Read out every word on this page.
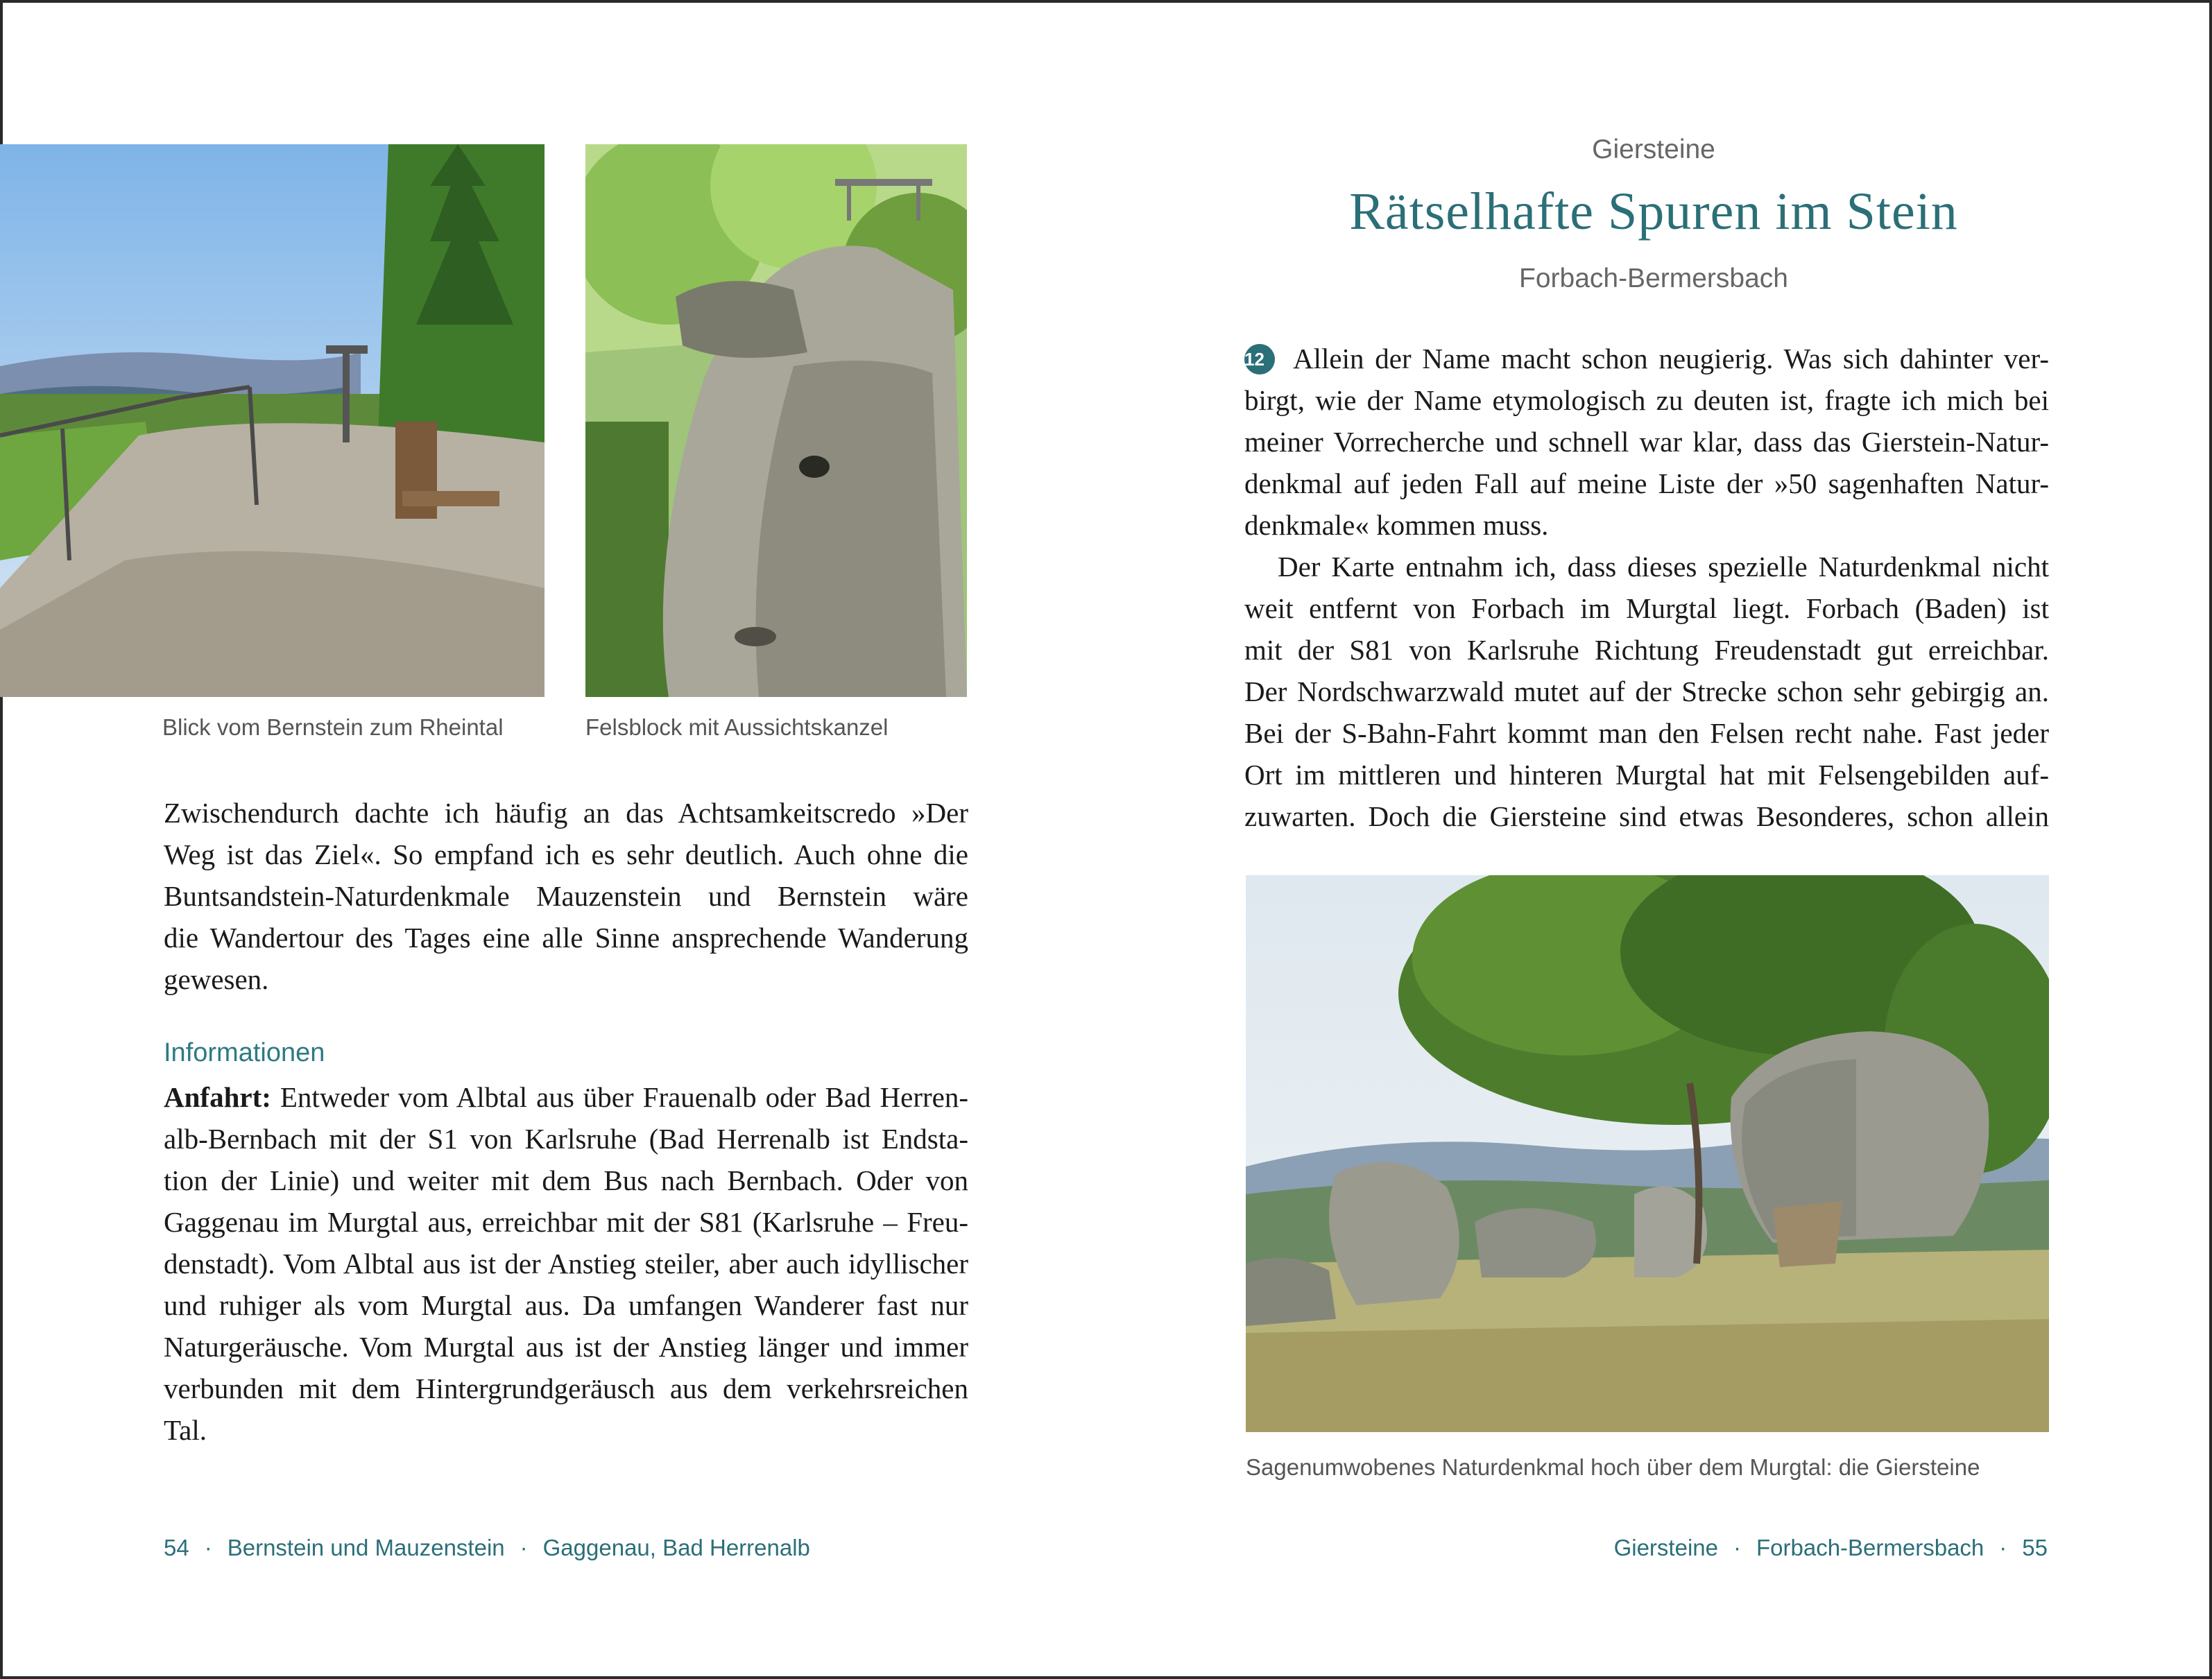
Blick vom Bernstein zum Rheintal	Felsblock mit Aussichtskanzel

Zwischendurch dachte ich häufig an das Achtsamkeitscredo »Der

Weg ist das Ziel«. So empfand ich es sehr deutlich. Auch ohne die

Buntsandstein-Naturdenkmale Mauzenstein und Bernstein wäre

die Wandertour des Tages eine alle Sinne ansprechende Wanderung

gewesen.

Informationen

Anfahrt: Entweder vom Albtal aus über Frauenalb oder Bad Herren-

alb-Bernbach mit der S1 von Karlsruhe (Bad Herrenalb ist Endsta-

tion der Linie) und weiter mit dem Bus nach Bernbach. Oder von

Gaggenau im Murgtal aus, erreichbar mit der S81 (Karlsruhe – Freu-

denstadt). Vom Albtal aus ist der Anstieg steiler, aber auch idyllischer

und ruhiger als vom Murgtal aus. Da umfangen Wanderer fast nur

Naturgeräusche. Vom Murgtal aus ist der Anstieg länger und immer

verbunden mit dem Hintergrundgeräusch aus dem verkehrsreichen

Tal.

54 · Bernstein und Mauzenstein · Gaggenau, Bad Herrenalb
Giersteine
Rätselhafte Spuren im Stein
Forbach-Bermersbach

12 Allein der Name macht schon neugierig. Was sich dahinter ver-

birgt, wie der Name etymologisch zu deuten ist, fragte ich mich bei

meiner Vorrecherche und schnell war klar, dass das Gierstein-Natur-

denkmal auf jeden Fall auf meine Liste der »50 sagenhaften Natur-

denkmale« kommen muss.

Der Karte entnahm ich, dass dieses spezielle Naturdenkmal nicht

weit entfernt von Forbach im Murgtal liegt. Forbach (Baden) ist

mit der S81 von Karlsruhe Richtung Freudenstadt gut erreichbar.

Der Nordschwarzwald mutet auf der Strecke schon sehr gebirgig an.

Bei der S-Bahn-Fahrt kommt man den Felsen recht nahe. Fast jeder

Ort im mittleren und hinteren Murgtal hat mit Felsengebilden auf-

zuwarten. Doch die Giersteine sind etwas Besonderes, schon allein

Sagenumwobenes Naturdenkmal hoch über dem Murgtal: die Giersteine
Giersteine · Forbach-Bermersbach · 55
